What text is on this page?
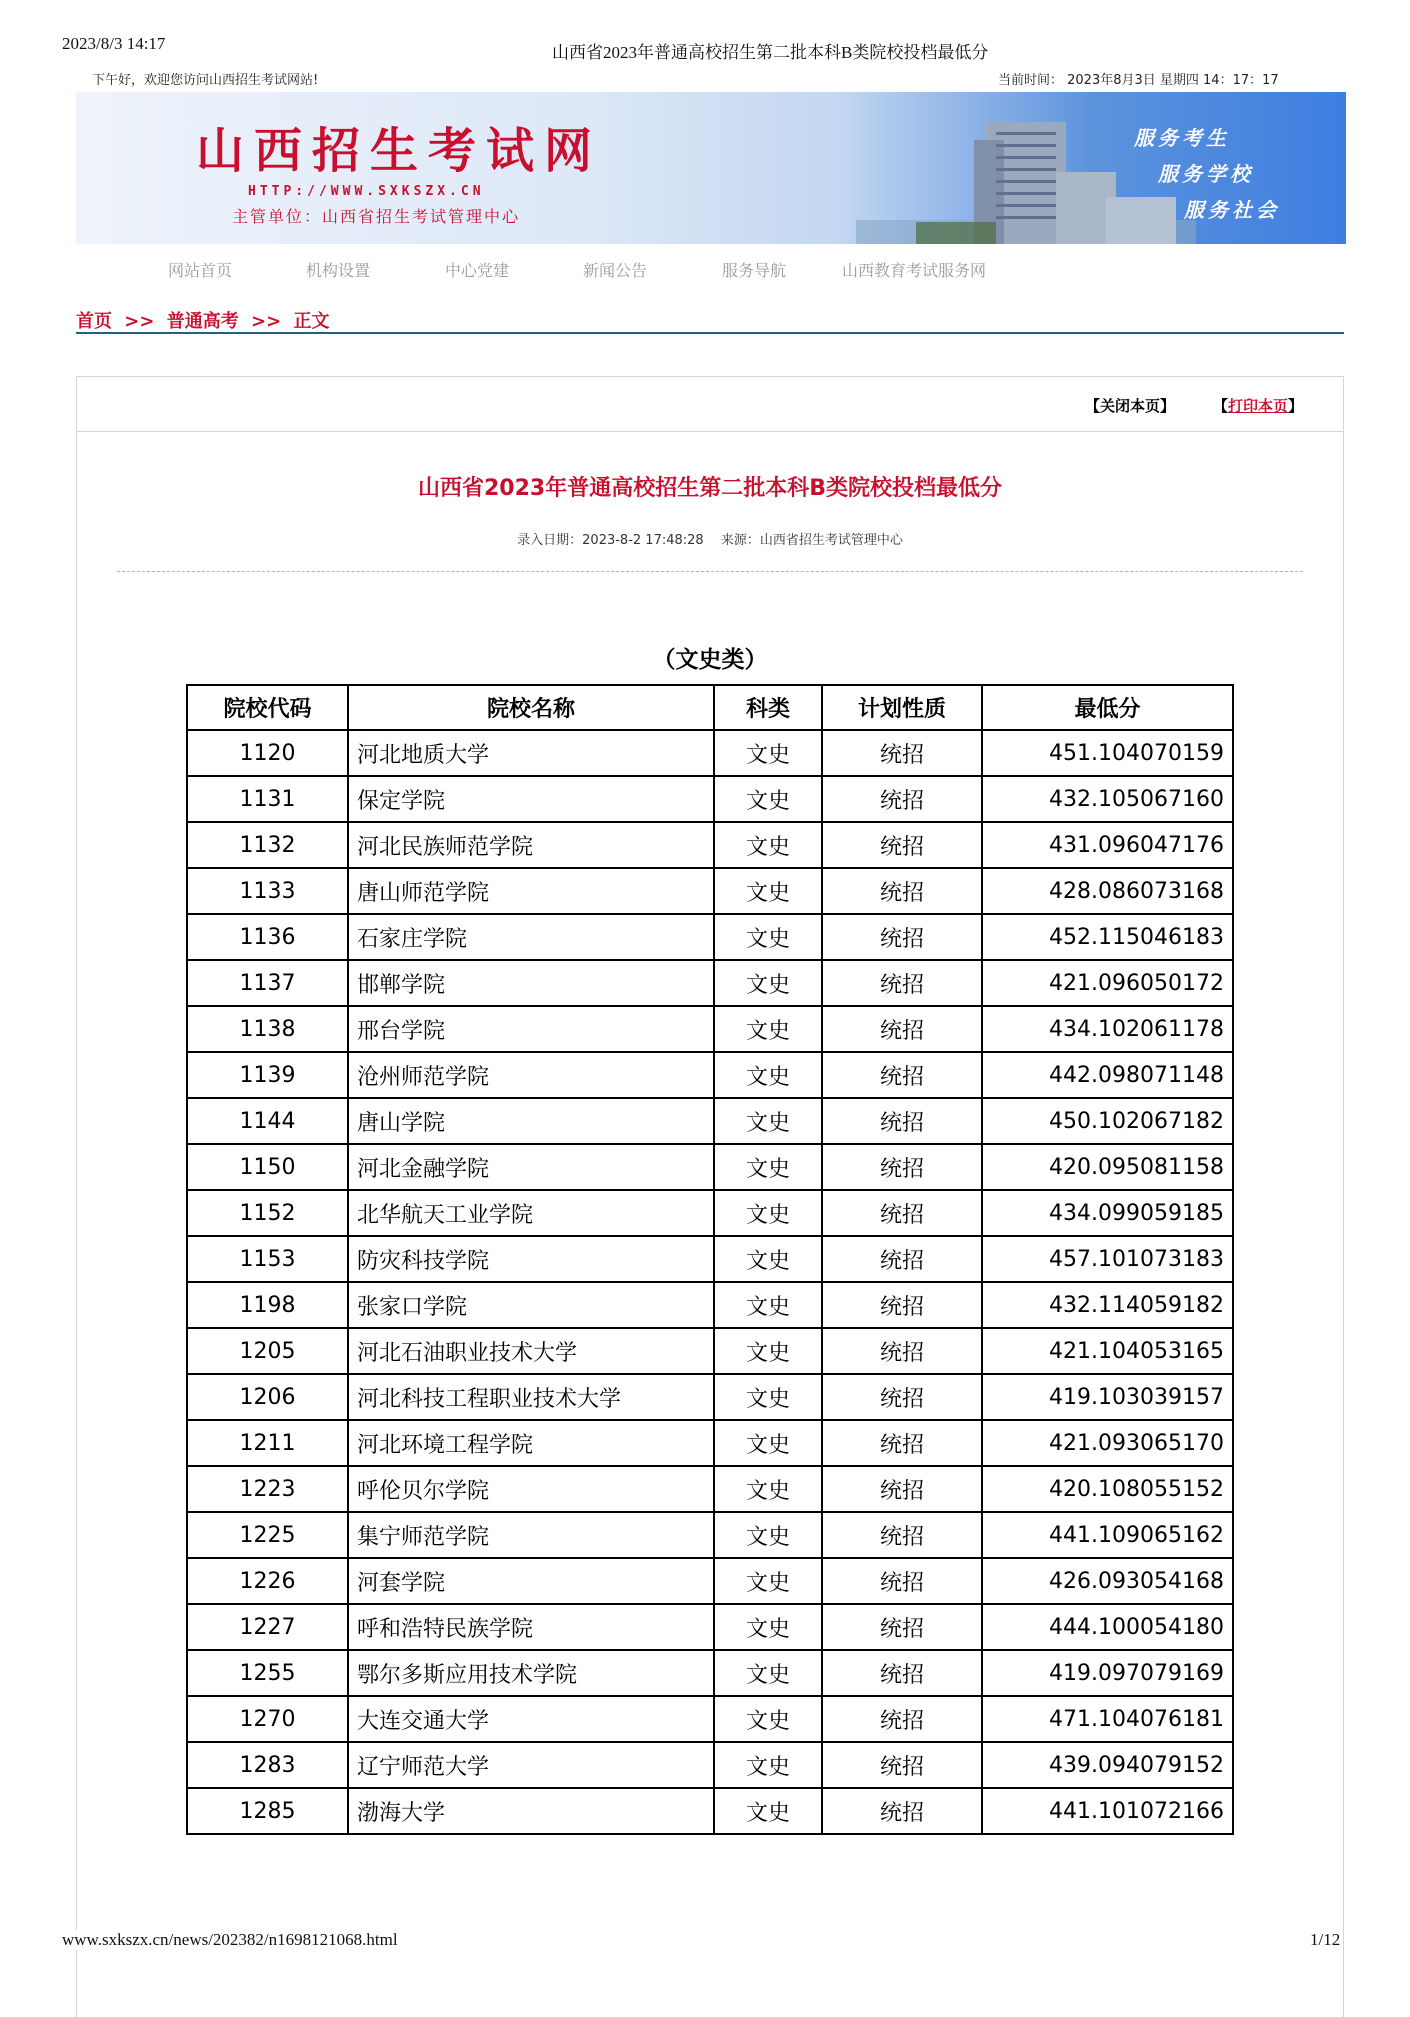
2023/8/3 14:17	山西省2023年普通高校招生第二批本科B类院校投档最低分
下午好，欢迎您访问山西招生考试网站!	当前时间： 2023年8月3日 星期四 14：17：17
山西招生考试网
HTTP://WWW.SXKSZX.CN
主管单位：山西省招生考试管理中心
服务考生
服务学校
服务社会
网站首页	机构设置	中心党建	新闻公告	服务导航	山西教育考试服务网
首页 >> 普通高考 >> 正文
【关闭本页】	【打印本页】
山西省2023年普通高校招生第二批本科B类院校投档最低分
录入日期：2023-8-2 17:48:28　 来源：山西省招生考试管理中心
（文史类）
院校代码	院校名称	科类	计划性质	最低分
1120	河北地质大学	文史	统招	451.104070159
1131	保定学院	文史	统招	432.105067160
1132	河北民族师范学院	文史	统招	431.096047176
1133	唐山师范学院	文史	统招	428.086073168
1136	石家庄学院	文史	统招	452.115046183
1137	邯郸学院	文史	统招	421.096050172
1138	邢台学院	文史	统招	434.102061178
1139	沧州师范学院	文史	统招	442.098071148
1144	唐山学院	文史	统招	450.102067182
1150	河北金融学院	文史	统招	420.095081158
1152	北华航天工业学院	文史	统招	434.099059185
1153	防灾科技学院	文史	统招	457.101073183
1198	张家口学院	文史	统招	432.114059182
1205	河北石油职业技术大学	文史	统招	421.104053165
1206	河北科技工程职业技术大学	文史	统招	419.103039157
1211	河北环境工程学院	文史	统招	421.093065170
1223	呼伦贝尔学院	文史	统招	420.108055152
1225	集宁师范学院	文史	统招	441.109065162
1226	河套学院	文史	统招	426.093054168
1227	呼和浩特民族学院	文史	统招	444.100054180
1255	鄂尔多斯应用技术学院	文史	统招	419.097079169
1270	大连交通大学	文史	统招	471.104076181
1283	辽宁师范大学	文史	统招	439.094079152
1285	渤海大学	文史	统招	441.101072166
www.sxkszx.cn/news/202382/n1698121068.html	1/12
